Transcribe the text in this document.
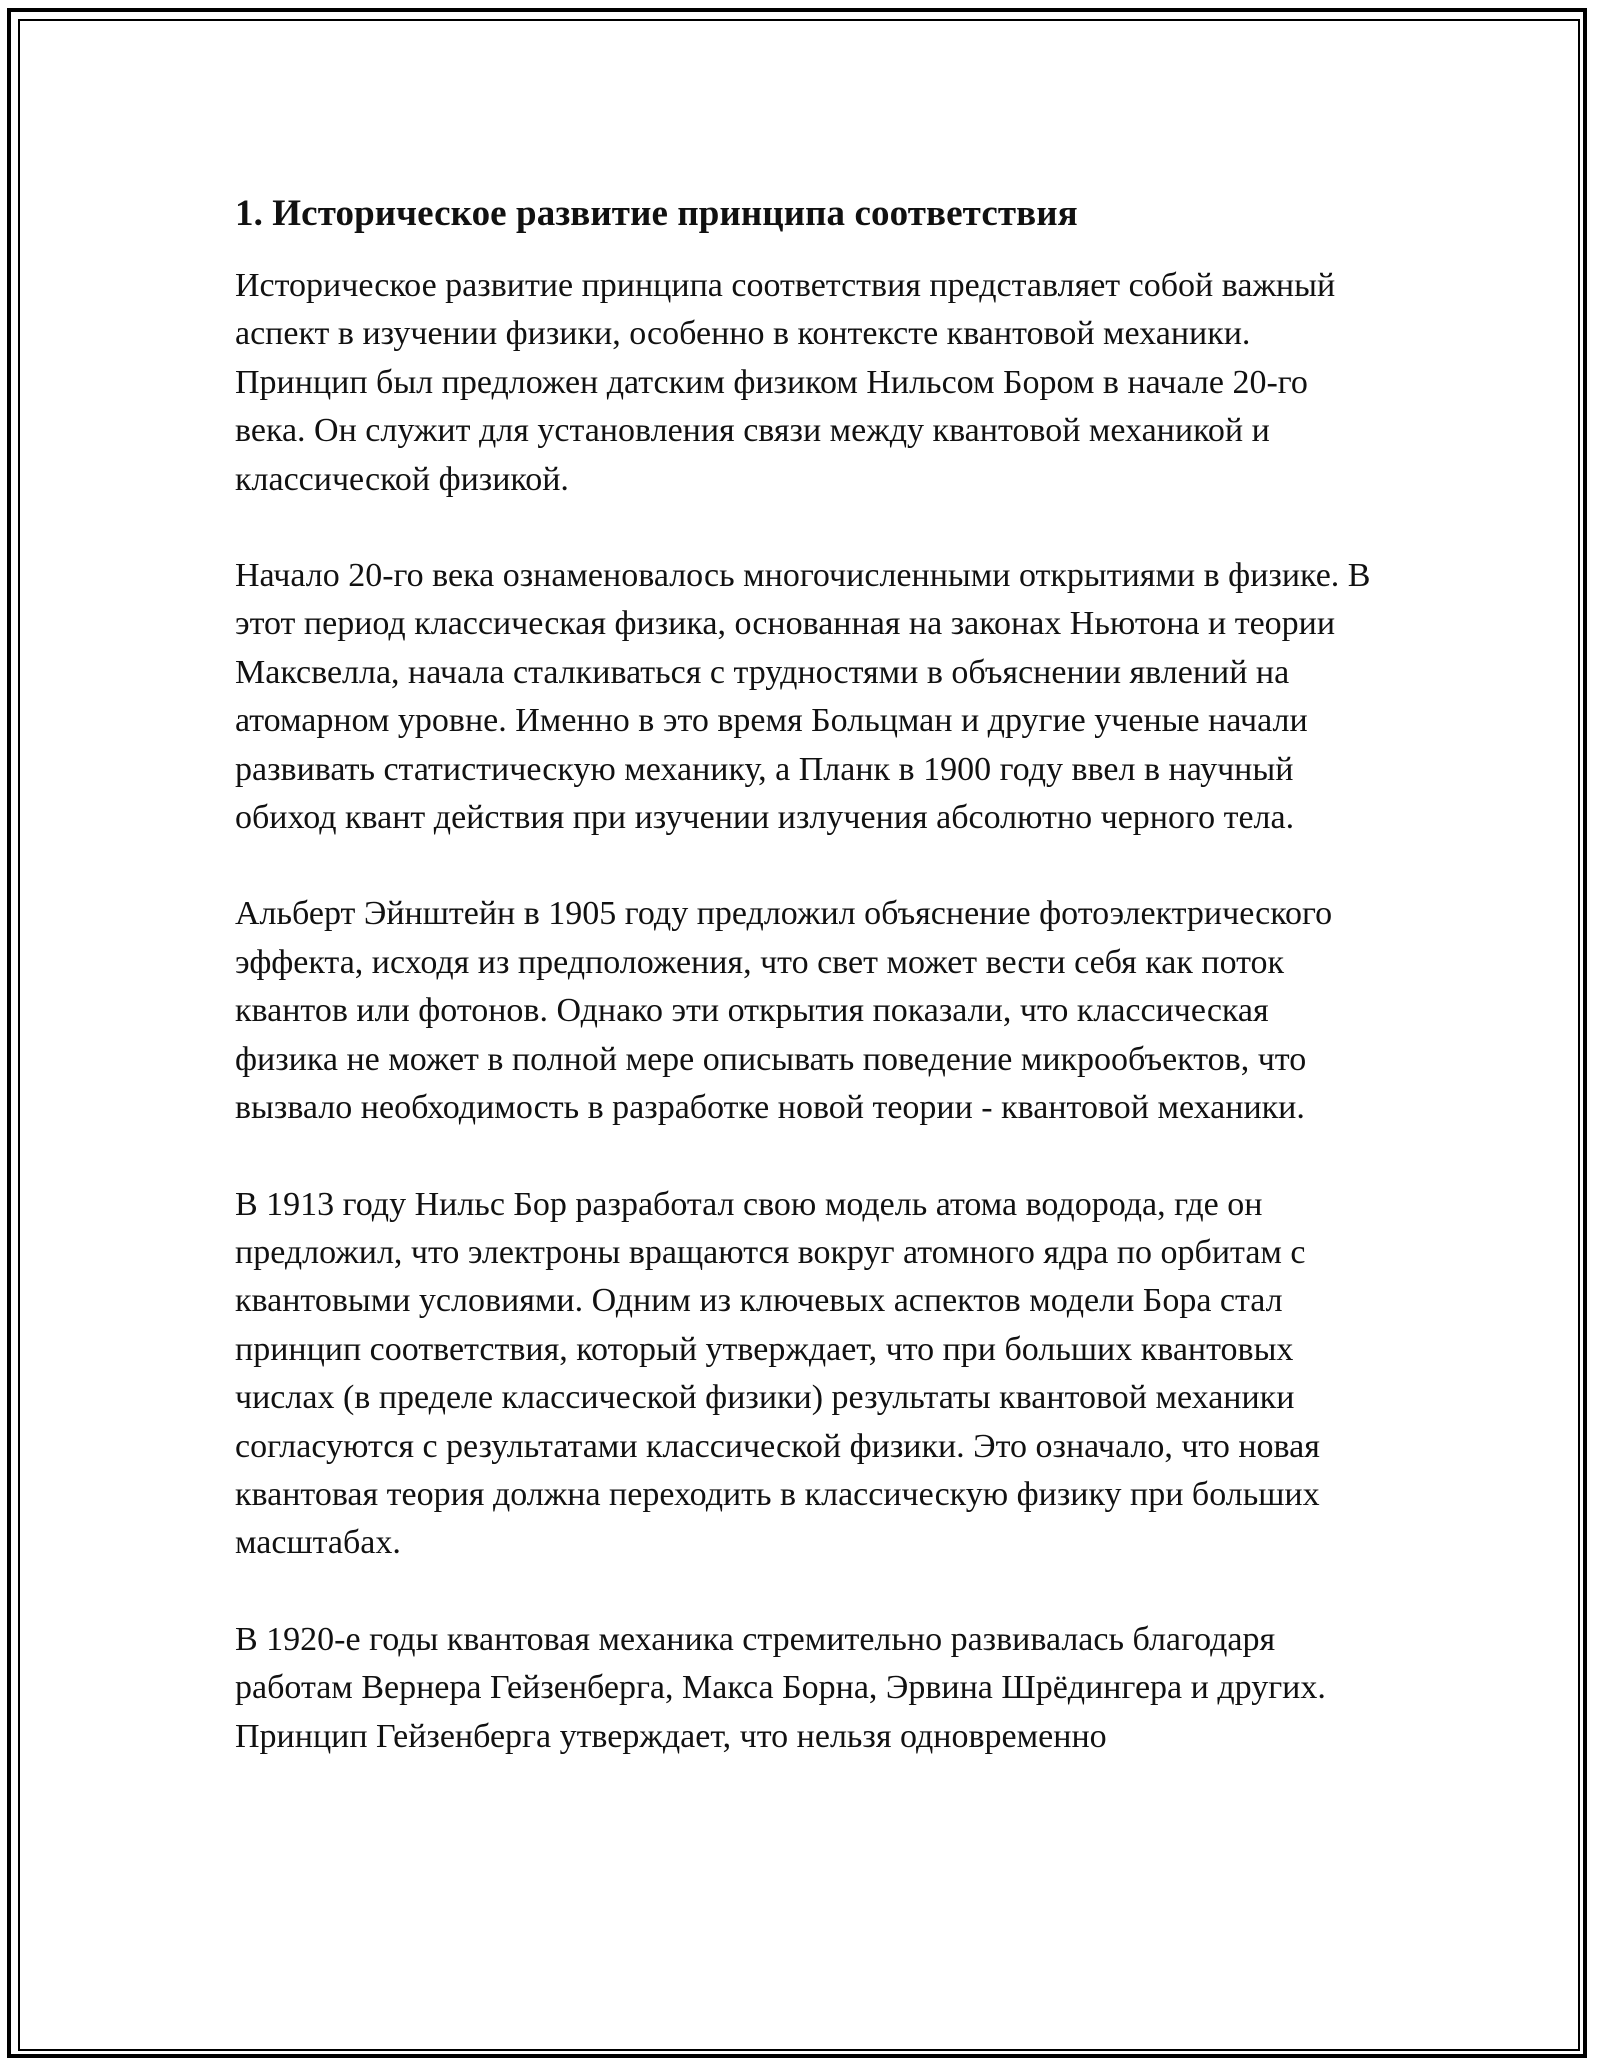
1. Историческое развитие принципа соответствия

Историческое развитие принципа соответствия представляет собой важный аспект в изучении физики, особенно в контексте квантовой механики. Принцип был предложен датским физиком Нильсом Бором в начале 20-го века. Он служит для установления связи между квантовой механикой и классической физикой.

Начало 20-го века ознаменовалось многочисленными открытиями в физике. В этот период классическая физика, основанная на законах Ньютона и теории Максвелла, начала сталкиваться с трудностями в объяснении явлений на атомарном уровне. Именно в это время Больцман и другие ученые начали развивать статистическую механику, а Планк в 1900 году ввел в научный обиход квант действия при изучении излучения абсолютно черного тела.

Альберт Эйнштейн в 1905 году предложил объяснение фотоэлектрического эффекта, исходя из предположения, что свет может вести себя как поток квантов или фотонов. Однако эти открытия показали, что классическая физика не может в полной мере описывать поведение микрообъектов, что вызвало необходимость в разработке новой теории - квантовой механики.

В 1913 году Нильс Бор разработал свою модель атома водорода, где он предложил, что электроны вращаются вокруг атомного ядра по орбитам с квантовыми условиями. Одним из ключевых аспектов модели Бора стал принцип соответствия, который утверждает, что при больших квантовых числах (в пределе классической физики) результаты квантовой механики согласуются с результатами классической физики. Это означало, что новая квантовая теория должна переходить в классическую физику при больших масштабах.

В 1920-е годы квантовая механика стремительно развивалась благодаря работам Вернера Гейзенберга, Макса Борна, Эрвина Шрёдингера и других. Принцип Гейзенберга утверждает, что нельзя одновременно
